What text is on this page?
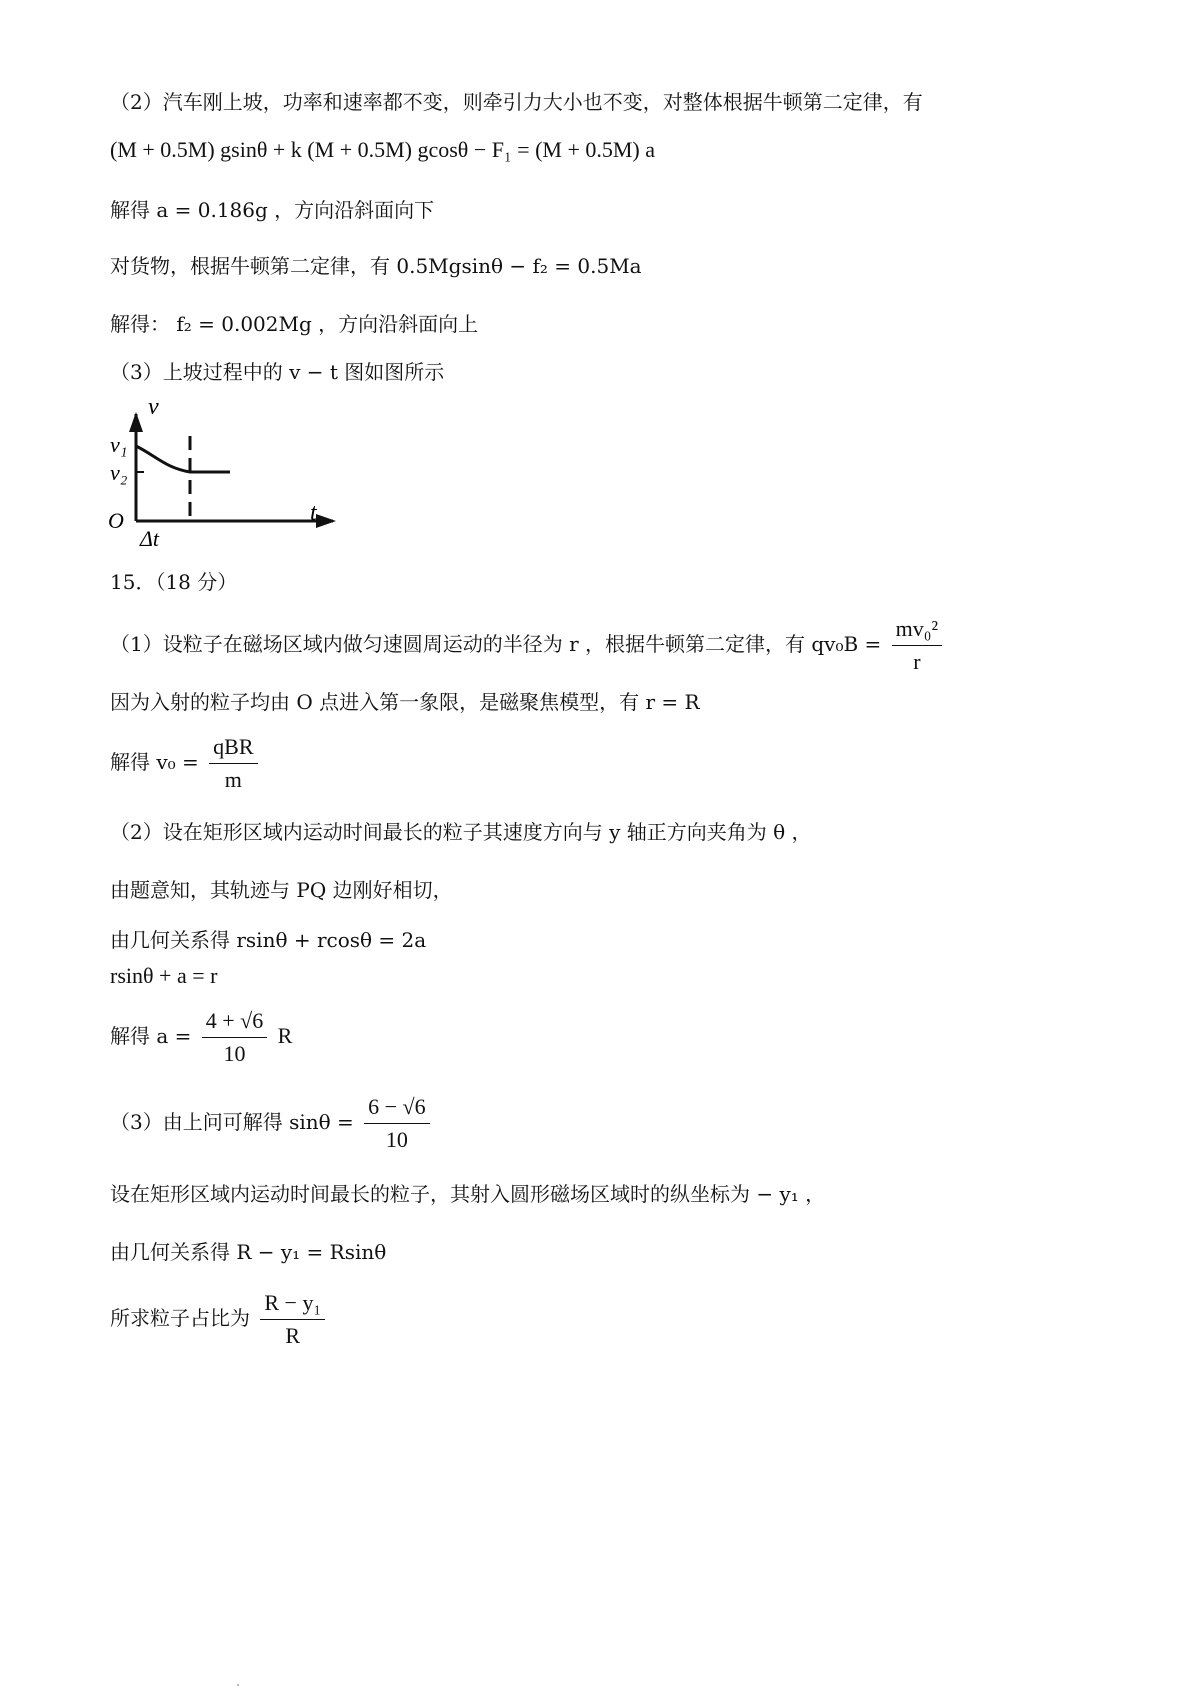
（2）汽车刚上坡，功率和速率都不变，则牵引力大小也不变，对整体根据牛顿第二定律，有
(M + 0.5M) gsinθ + k (M + 0.5M) gcosθ − F₁ = (M + 0.5M) a
解得 a = 0.186g ，方向沿斜面向下
对货物，根据牛顿第二定律，有 0.5Mgsinθ − f₂ = 0.5Ma
解得： f₂ = 0.002Mg ，方向沿斜面向上
（3）上坡过程中的 v − t 图如图所示
v
t
v₁
v₂
O
Δt
15．（18 分）
（1）设粒子在磁场区域内做匀速圆周运动的半径为 r ，根据牛顿第二定律，有 $qv_0B = \frac{\text{mv₀²}}{r}$
因为入射的粒子均由 O 点进入第一象限，是磁聚焦模型，有 r = R
解得 $v_0 = \frac{\text{qBR}}{m}$
（2）设在矩形区域内运动时间最长的粒子其速度方向与 y 轴正方向夹角为 θ ，
由题意知，其轨迹与 PQ 边刚好相切，
由几何关系得 rsinθ + rcosθ = 2a
rsinθ + a = r
解得 $a = \frac{4 + √6}{10}$ R
（3）由上问可解得 $\sin\theta = \frac{6 - √6}{10}$
设在矩形区域内运动时间最长的粒子，其射入圆形磁场区域时的纵坐标为 − y₁ ，
由几何关系得 R − y₁ = Rsinθ
所求粒子占比为 $\frac{\text{R − y₁}}{R}$
